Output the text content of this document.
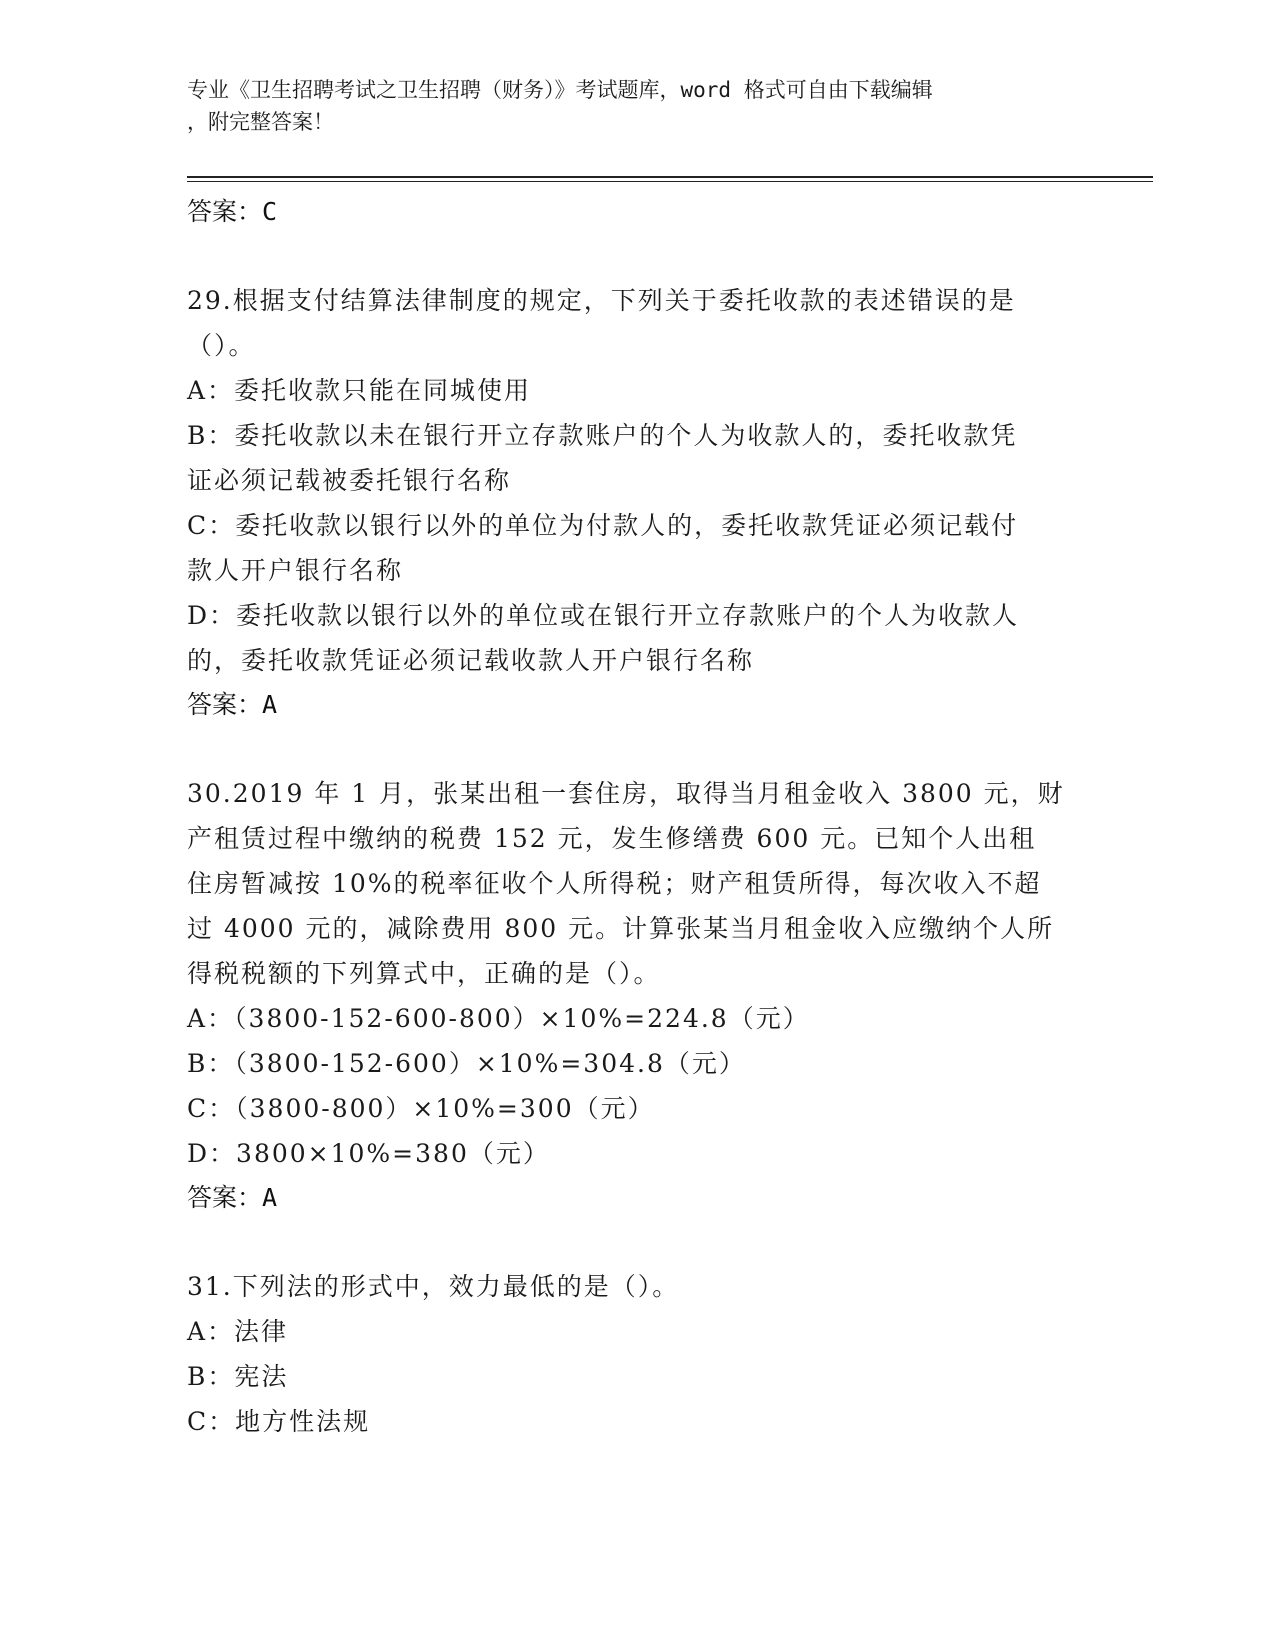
专业《卫生招聘考试之卫生招聘（财务）》考试题库，word 格式可自由下载编辑
，附完整答案！

答案：C

29.根据支付结算法律制度的规定，下列关于委托收款的表述错误的是

（）。

A：委托收款只能在同城使用

B：委托收款以未在银行开立存款账户的个人为收款人的，委托收款凭

证必须记载被委托银行名称

C：委托收款以银行以外的单位为付款人的，委托收款凭证必须记载付

款人开户银行名称

D：委托收款以银行以外的单位或在银行开立存款账户的个人为收款人

的，委托收款凭证必须记载收款人开户银行名称

答案：A

30.2019 年 1 月，张某出租一套住房，取得当月租金收入 3800 元，财

产租赁过程中缴纳的税费 152 元，发生修缮费 600 元。已知个人出租

住房暂减按 10%的税率征收个人所得税；财产租赁所得，每次收入不超

过 4000 元的，减除费用 800 元。计算张某当月租金收入应缴纳个人所

得税税额的下列算式中，正确的是（）。

A：（3800-152-600-800）×10%=224.8（元）

B：（3800-152-600）×10%=304.8（元）

C：（3800-800）×10%=300（元）

D：3800×10%=380（元）

答案：A

31.下列法的形式中，效力最低的是（）。

A：法律

B：宪法

C：地方性法规
